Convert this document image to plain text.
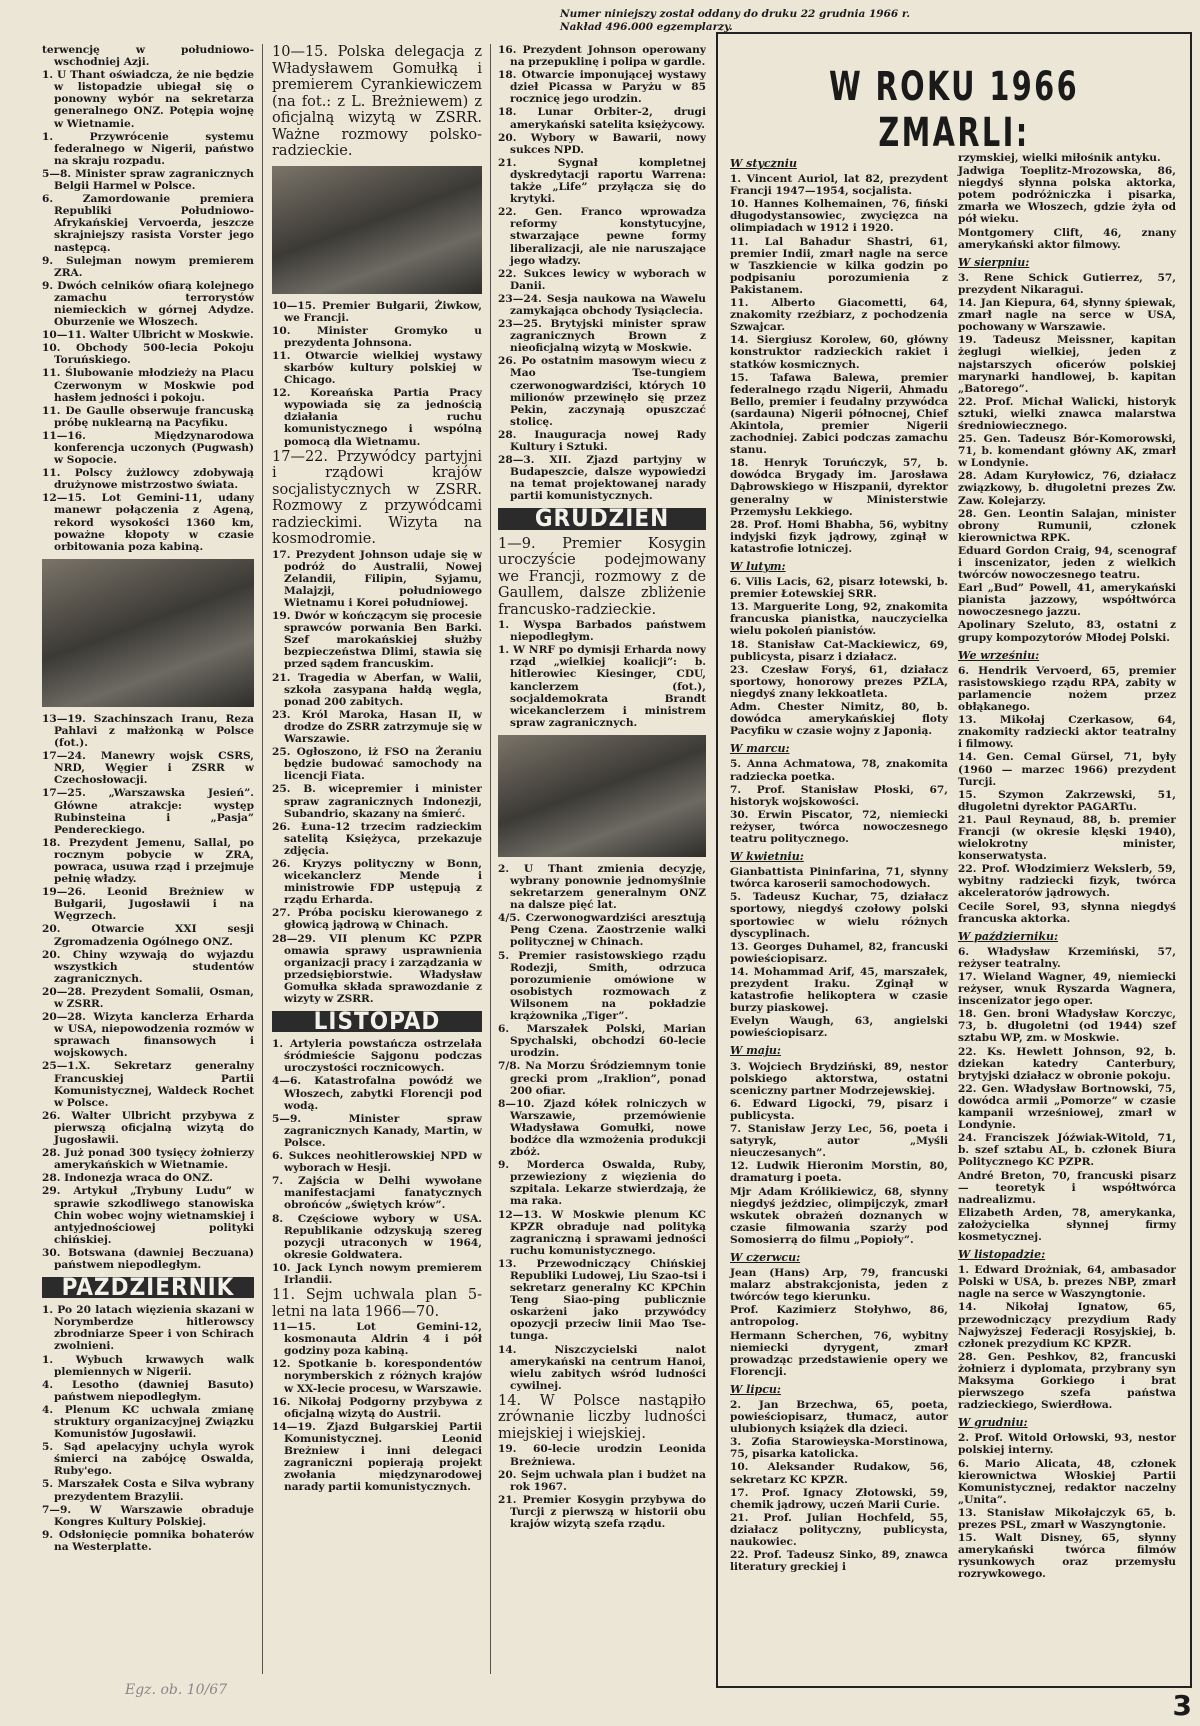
Numer niniejszy został oddany do druku 22 grudnia 1966 r. Nakład 496.000 egzemplarzy.

terwencję w południowo-wschodniej Azji.

1. U Thant oświadcza, że nie będzie w listopadzie ubiegał się o ponowny wybór na sekretarza generalnego ONZ. Potępia wojnę w Wietnamie.

1. Przywrócenie systemu federalnego w Nigerii, państwo na skraju rozpadu.

5—8. Minister spraw zagranicznych Belgii Harmel w Polsce.

6. Zamordowanie premiera Republiki Południowo-Afrykańskiej Vervoerda, jeszcze skrajniejszy rasista Vorster jego następcą.

9. Sulejman nowym premierem ZRA.

9. Dwóch celników ofiarą kolejnego zamachu terrorystów niemieckich w górnej Adydze. Oburzenie we Włoszech.

10—11. Walter Ulbricht w Moskwie.

10. Obchody 500-lecia Pokoju Toruńskiego.

11. Ślubowanie młodzieży na Placu Czerwonym w Moskwie pod hasłem jedności i pokoju.

11. De Gaulle obserwuje francuską próbę nuklearną na Pacyfiku.

11—16. Międzynarodowa konferencja uczonych (Pugwash) w Sopocie.

11. Polscy żużlowcy zdobywają drużynowe mistrzostwo świata.

12—15. Lot Gemini-11, udany manewr połączenia z Ageną, rekord wysokości 1360 km, poważne kłopoty w czasie orbitowania poza kabiną.

13—19. Szachinszach Iranu, Reza Pahlavi z małżonką w Polsce (fot.).

17—24. Manewry wojsk CSRS, NRD, Węgier i ZSRR w Czechosłowacji.

17—25. „Warszawska Jesień”. Główne atrakcje: występ Rubinsteina i „Pasja” Pendereckiego.

18. Prezydent Jemenu, Sallal, po rocznym pobycie w ZRA, powraca, usuwa rząd i przejmuje pełnię władzy.

19—26. Leonid Breżniew w Bułgarii, Jugosławii i na Węgrzech.

20. Otwarcie XXI sesji Zgromadzenia Ogólnego ONZ.

20. Chiny wzywają do wyjazdu wszystkich studentów zagranicznych.

20—28. Prezydent Somalii, Osman, w ZSRR.

20—28. Wizyta kanclerza Erharda w USA, niepowodzenia rozmów w sprawach finansowych i wojskowych.

25—1.X. Sekretarz generalny Francuskiej Partii Komunistycznej, Waldeck Rochet w Polsce.

26. Walter Ulbricht przybywa z pierwszą oficjalną wizytą do Jugosławii.

28. Już ponad 300 tysięcy żołnierzy amerykańskich w Wietnamie.

28. Indonezja wraca do ONZ.

29. Artykuł „Trybuny Ludu” w sprawie szkodliwego stanowiska Chin wobec wojny wietnamskiej i antyjednościowej polityki chińskiej.

30. Botswana (dawniej Beczuana) państwem niepodległym.

PAŹDZIERNIK

1. Po 20 latach więzienia skazani w Norymberdze hitlerowscy zbrodniarze Speer i von Schirach zwolnieni.

1. Wybuch krwawych walk plemiennych w Nigerii.

4. Lesotho (dawniej Basuto) państwem niepodległym.

4. Plenum KC uchwala zmianę struktury organizacyjnej Związku Komunistów Jugosławii.

5. Sąd apelacyjny uchyla wyrok śmierci na zabójcę Oswalda, Ruby'ego.

5. Marszałek Costa e Silva wybrany prezydentem Brazylii.

7—9. W Warszawie obraduje Kongres Kultury Polskiej.

9. Odsłonięcie pomnika bohaterów na Westerplatte.

10—15. Polska delegacja z Władysławem Gomułką i premierem Cyrankiewiczem (na fot.: z L. Breżniewem) z oficjalną wizytą w ZSRR. Ważne rozmowy polsko-radzieckie.

10—15. Premier Bułgarii, Żiwkow, we Francji.

10. Minister Gromyko u prezydenta Johnsona.

11. Otwarcie wielkiej wystawy skarbów kultury polskiej w Chicago.

12. Koreańska Partia Pracy wypowiada się za jednością działania ruchu komunistycznego i wspólną pomocą dla Wietnamu.

17—22. Przywódcy partyjni i rządowi krajów socjalistycznych w ZSRR. Rozmowy z przywódcami radzieckimi. Wizyta na kosmodromie.

17. Prezydent Johnson udaje się w podróż do Australii, Nowej Zelandii, Filipin, Syjamu, Malajzji, południowego Wietnamu i Korei południowej.

19. Dwór w kończącym się procesie sprawców porwania Ben Barki. Szef marokańskiej służby bezpieczeństwa Dlimi, stawia się przed sądem francuskim.

21. Tragedia w Aberfan, w Walii, szkoła zasypana hałdą węgla, ponad 200 zabitych.

23. Król Maroka, Hasan II, w drodze do ZSRR zatrzymuje się w Warszawie.

25. Ogłoszono, iż FSO na Żeraniu będzie budować samochody na licencji Fiata.

25. B. wicepremier i minister spraw zagranicznych Indonezji, Subandrio, skazany na śmierć.

26. Łuna-12 trzecim radzieckim satelitą Księżyca, przekazuje zdjęcia.

26. Kryzys polityczny w Bonn, wicekanclerz Mende i ministrowie FDP ustępują z rządu Erharda.

27. Próba pocisku kierowanego z głowicą jądrową w Chinach.

28—29. VII plenum KC PZPR omawia sprawy usprawnienia organizacji pracy i zarządzania w przedsiębiorstwie. Władysław Gomułka składa sprawozdanie z wizyty w ZSRR.

LISTOPAD

1. Artyleria powstańcza ostrzelała śródmieście Sajgonu podczas uroczystości rocznicowych.

4—6. Katastrofalna powódź we Włoszech, zabytki Florencji pod wodą.

5—9. Minister spraw zagranicznych Kanady, Martin, w Polsce.

6. Sukces neohitlerowskiej NPD w wyborach w Hesji.

7. Zajścia w Delhi wywołane manifestacjami fanatycznych obrońców „świętych krów”.

8. Częściowe wybory w USA. Republikanie odzyskują szereg pozycji utraconych w 1964, okresie Goldwatera.

10. Jack Lynch nowym premierem Irlandii.

11. Sejm uchwala plan 5-letni na lata 1966—70.

11—15. Lot Gemini-12, kosmonauta Aldrin 4 i pół godziny poza kabiną.

12. Spotkanie b. korespondentów norymberskich z różnych krajów w XX-lecie procesu, w Warszawie.

16. Nikołaj Podgorny przybywa z oficjalną wizytą do Austrii.

14—19. Zjazd Bułgarskiej Partii Komunistycznej. Leonid Breżniew i inni delegaci zagraniczni popierają projekt zwołania międzynarodowej narady partii komunistycznych.

16. Prezydent Johnson operowany na przepuklinę i polipa w gardle.

18. Otwarcie imponującej wystawy dzieł Picassa w Paryżu w 85 rocznicę jego urodzin.

18. Lunar Orbiter-2, drugi amerykański satelita księżycowy.

20. Wybory w Bawarii, nowy sukces NPD.

21. Sygnał kompletnej dyskredytacji raportu Warrena: także „Life” przyłącza się do krytyki.

22. Gen. Franco wprowadza reformy konstytucyjne, stwarzające pewne formy liberalizacji, ale nie naruszające jego władzy.

22. Sukces lewicy w wyborach w Danii.

23—24. Sesja naukowa na Wawelu zamykająca obchody Tysiąclecia.

23—25. Brytyjski minister spraw zagranicznych Brown z nieoficjalną wizytą w Moskwie.

26. Po ostatnim masowym wiecu z Mao Tse-tungiem czerwonogwardziści, których 10 milionów przewinęło się przez Pekin, zaczynają opuszczać stolicę.

28. Inauguracja nowej Rady Kultury i Sztuki.

28—3. XII. Zjazd partyjny w Budapeszcie, dalsze wypowiedzi na temat projektowanej narady partii komunistycznych.

GRUDZIEŃ

1—9. Premier Kosygin uroczyście podejmowany we Francji, rozmowy z de Gaullem, dalsze zbliżenie francusko-radzieckie.

1. Wyspa Barbados państwem niepodległym.

1. W NRF po dymisji Erharda nowy rząd „wielkiej koalicji”: b. hitlerowiec Kiesinger, CDU, kanclerzem (fot.), socjaldemokrata Brandt wicekanclerzem i ministrem spraw zagranicznych.

2. U Thant zmienia decyzję, wybrany ponownie jednomyślnie sekretarzem generalnym ONZ na dalsze pięć lat.

4/5. Czerwonogwardziści aresztują Peng Czena. Zaostrzenie walki politycznej w Chinach.

5. Premier rasistowskiego rządu Rodezji, Smith, odrzuca porozumienie omówione w osobistych rozmowach z Wilsonem na pokładzie krążownika „Tiger”.

6. Marszałek Polski, Marian Spychalski, obchodzi 60-lecie urodzin.

7/8. Na Morzu Śródziemnym tonie grecki prom „Iraklion”, ponad 200 ofiar.

8—10. Zjazd kółek rolniczych w Warszawie, przemówienie Władysława Gomułki, nowe bodźce dla wzmożenia produkcji zbóż.

9. Morderca Oswalda, Ruby, przewieziony z więzienia do szpitala. Lekarze stwierdzają, że ma raka.

12—13. W Moskwie plenum KC KPZR obraduje nad polityką zagraniczną i sprawami jedności ruchu komunistycznego.

13. Przewodniczący Chińskiej Republiki Ludowej, Liu Szao-tsi i sekretarz generalny KC KPChin Teng Siao-ping publicznie oskarżeni jako przywódcy opozycji przeciw linii Mao Tse-tunga.

14. Niszczycielski nalot amerykański na centrum Hanoi, wielu zabitych wśród ludności cywilnej.

14. W Polsce nastąpiło zrównanie liczby ludności miejskiej i wiejskiej.

19. 60-lecie urodzin Leonida Breżniewa.

20. Sejm uchwala plan i budżet na rok 1967.

21. Premier Kosygin przybywa do Turcji z pierwszą w historii obu krajów wizytą szefa rządu.

W ROKU 1966 ZMARLI:

W styczniu

1. Vincent Auriol, lat 82, prezydent Francji 1947—1954, socjalista.

10. Hannes Kolhemainen, 76, fiński długodystansowiec, zwycięzca na olimpiadach w 1912 i 1920.

11. Lal Bahadur Shastri, 61, premier Indii, zmarł nagle na serce w Taszkiencie w kilka godzin po podpisaniu porozumienia z Pakistanem.

11. Alberto Giacometti, 64, znakomity rzeźbiarz, z pochodzenia Szwajcar.

14. Siergiusz Korolew, 60, główny konstruktor radzieckich rakiet i statków kosmicznych.

15. Tafawa Balewa, premier federalnego rządu Nigerii, Ahmadu Bello, premier i feudalny przywódca (sardauna) Nigerii północnej, Chief Akintola, premier Nigerii zachodniej. Zabici podczas zamachu stanu.

18. Henryk Toruńczyk, 57, b. dowódca Brygady im. Jarosława Dąbrowskiego w Hiszpanii, dyrektor generalny w Ministerstwie Przemysłu Lekkiego.

28. Prof. Homi Bhabha, 56, wybitny indyjski fizyk jądrowy, zginął w katastrofie lotniczej.

W lutym:

6. Vilis Lacis, 62, pisarz łotewski, b. premier Łotewskiej SRR.

13. Marguerite Long, 92, znakomita francuska pianistka, nauczycielka wielu pokoleń pianistów.

18. Stanisław Cat-Mackiewicz, 69, publicysta, pisarz i działacz.

23. Czesław Foryś, 61, działacz sportowy, honorowy prezes PZLA, niegdyś znany lekkoatleta.

Adm. Chester Nimitz, 80, b. dowódca amerykańskiej floty Pacyfiku w czasie wojny z Japonią.

W marcu:

5. Anna Achmatowa, 78, znakomita radziecka poetka.

7. Prof. Stanisław Płoski, 67, historyk wojskowości.

30. Erwin Piscator, 72, niemiecki reżyser, twórca nowoczesnego teatru politycznego.

W kwietniu:

Gianbattista Pininfarina, 71, słynny twórca karoserii samochodowych.

5. Tadeusz Kuchar, 75, działacz sportowy, niegdyś czołowy polski sportowiec w wielu różnych dyscyplinach.

13. Georges Duhamel, 82, francuski powieściopisarz.

14. Mohammad Arif, 45, marszałek, prezydent Iraku. Zginął w katastrofie helikoptera w czasie burzy piaskowej.

Evelyn Waugh, 63, angielski powieściopisarz.

W maju:

3. Wojciech Brydziński, 89, nestor polskiego aktorstwa, ostatni sceniczny partner Modrzejewskiej.

6. Edward Ligocki, 79, pisarz i publicysta.

7. Stanisław Jerzy Lec, 56, poeta i satyryk, autor „Myśli nieuczesanych”.

12. Ludwik Hieronim Morstin, 80, dramaturg i poeta.

Mjr Adam Królikiewicz, 68, słynny niegdyś jeździec, olimpijczyk, zmarł wskutek obrażeń doznanych w czasie filmowania szarży pod Somosierrą do filmu „Popioły”.

W czerwcu:

Jean (Hans) Arp, 79, francuski malarz abstrakcjonista, jeden z twórców tego kierunku.

Prof. Kazimierz Stołyhwo, 86, antropolog.

Hermann Scherchen, 76, wybitny niemiecki dyrygent, zmarł prowadząc przedstawienie opery we Florencji.

W lipcu:

2. Jan Brzechwa, 65, poeta, powieściopisarz, tłumacz, autor ulubionych książek dla dzieci.

3. Zofia Starowieyska-Morstinowa, 75, pisarka katolicka.

10. Aleksander Rudakow, 56, sekretarz KC KPZR.

17. Prof. Ignacy Złotowski, 59, chemik jądrowy, uczeń Marii Curie.

21. Prof. Julian Hochfeld, 55, działacz polityczny, publicysta, naukowiec.

22. Prof. Tadeusz Sinko, 89, znawca literatury greckiej i

rzymskiej, wielki miłośnik antyku.

Jadwiga Toeplitz-Mrozowska, 86, niegdyś słynna polska aktorka, potem podróżniczka i pisarka, zmarła we Włoszech, gdzie żyła od pół wieku.

Montgomery Clift, 46, znany amerykański aktor filmowy.

W sierpniu:

3. Rene Schick Gutierrez, 57, prezydent Nikaragui.

14. Jan Kiepura, 64, słynny śpiewak, zmarł nagle na serce w USA, pochowany w Warszawie.

19. Tadeusz Meissner, kapitan żeglugi wielkiej, jeden z najstarszych oficerów polskiej marynarki handlowej, b. kapitan „Batorego”.

22. Prof. Michał Walicki, historyk sztuki, wielki znawca malarstwa średniowiecznego.

25. Gen. Tadeusz Bór-Komorowski, 71, b. komendant główny AK, zmarł w Londynie.

28. Adam Kuryłowicz, 76, działacz związkowy, b. długoletni prezes Zw. Zaw. Kolejarzy.

28. Gen. Leontin Salajan, minister obrony Rumunii, członek kierownictwa RPK.

Eduard Gordon Craig, 94, scenograf i inscenizator, jeden z wielkich twórców nowoczesnego teatru.

Earl „Bud” Powell, 41, amerykański pianista jazzowy, współtwórca nowoczesnego jazzu.

Apolinary Szeluto, 83, ostatni z grupy kompozytorów Młodej Polski.

We wrześniu:

6. Hendrik Vervoerd, 65, premier rasistowskiego rządu RPA, zabity w parlamencie nożem przez obłąkanego.

13. Mikołaj Czerkasow, 64, znakomity radziecki aktor teatralny i filmowy.

14. Gen. Cemal Gürsel, 71, były (1960 — marzec 1966) prezydent Turcji.

15. Szymon Zakrzewski, 51, długoletni dyrektor PAGARTu.

21. Paul Reynaud, 88, b. premier Francji (w okresie klęski 1940), wielokrotny minister, konserwatysta.

22. Prof. Włodzimierz Wekslerb, 59, wybitny radziecki fizyk, twórca akceleratorów jądrowych.

Cecile Sorel, 93, słynna niegdyś francuska aktorka.

W październiku:

6. Władysław Krzemiński, 57, reżyser teatralny.

17. Wieland Wagner, 49, niemiecki reżyser, wnuk Ryszarda Wagnera, inscenizator jego oper.

18. Gen. broni Władysław Korczyc, 73, b. długoletni (od 1944) szef sztabu WP, zm. w Moskwie.

22. Ks. Hewlett Johnson, 92, b. dziekan katedry Canterbury, brytyjski działacz w obronie pokoju.

22. Gen. Władysław Bortnowski, 75, dowódca armii „Pomorze” w czasie kampanii wrześniowej, zmarł w Londynie.

24. Franciszek Jóźwiak-Witold, 71, b. szef sztabu AL, b. członek Biura Politycznego KC PZPR.

André Breton, 70, francuski pisarz — teoretyk i współtwórca nadrealizmu.

Elizabeth Arden, 78, amerykanka, założycielka słynnej firmy kosmetycznej.

W listopadzie:

1. Edward Drożniak, 64, ambasador Polski w USA, b. prezes NBP, zmarł nagle na serce w Waszyngtonie.

14. Nikołaj Ignatow, 65, przewodniczący prezydium Rady Najwyższej Federacji Rosyjskiej, b. członek prezydium KC KPZR.

28. Gen. Peshkov, 82, francuski żołnierz i dyplomata, przybrany syn Maksyma Gorkiego i brat pierwszego szefa państwa radzieckiego, Swierdłowa.

W grudniu:

2. Prof. Witold Orłowski, 93, nestor polskiej interny.

6. Mario Alicata, 48, członek kierownictwa Włoskiej Partii Komunistycznej, redaktor naczelny „Unita”.

13. Stanisław Mikołajczyk 65, b. prezes PSL, zmarł w Waszyngtonie.

15. Walt Disney, 65, słynny amerykański twórca filmów rysunkowych oraz przemysłu rozrywkowego.

Egz. ob. 10/67	3
